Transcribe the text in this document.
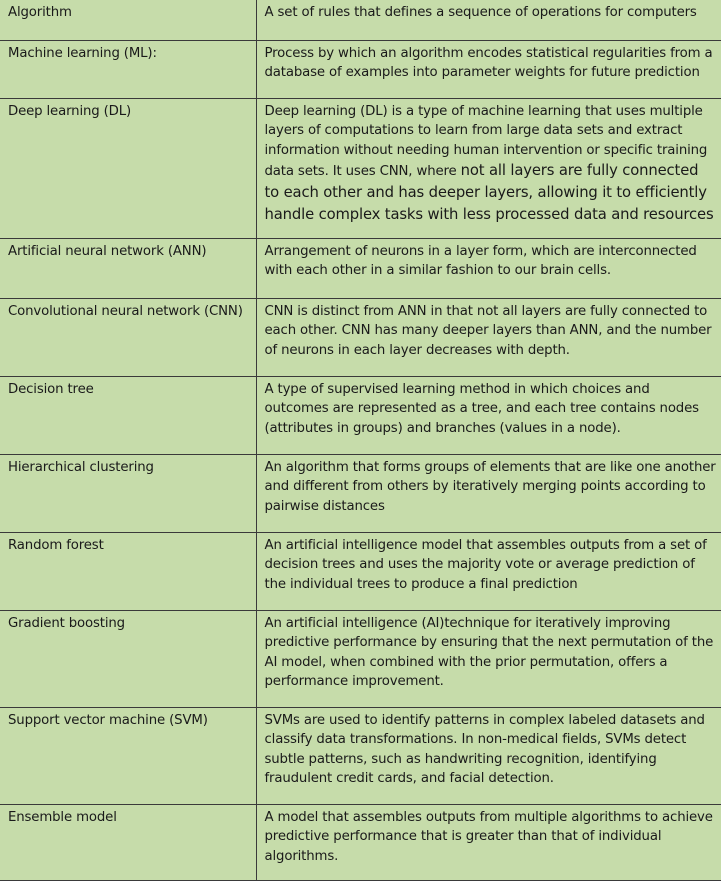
Algorithm	A set of rules that defines a sequence of operations for computers
Machine learning (ML):	Process by which an algorithm encodes statistical regularities from a database of examples into parameter weights for future prediction
Deep learning (DL)	Deep learning (DL) is a type of machine learning that uses multiple layers of computations to learn from large data sets and extract information without needing human intervention or specific training data sets. It uses CNN, where not all layers are fully connected to each other and has deeper layers, allowing it to efficiently handle complex tasks with less processed data and resources
Artificial neural network (ANN)	Arrangement of neurons in a layer form, which are interconnected with each other in a similar fashion to our brain cells.
Convolutional neural network (CNN)	CNN is distinct from ANN in that not all layers are fully connected to each other. CNN has many deeper layers than ANN, and the number of neurons in each layer decreases with depth.
Decision tree	A type of supervised learning method in which choices and outcomes are represented as a tree, and each tree contains nodes (attributes in groups) and branches (values in a node).
Hierarchical clustering	An algorithm that forms groups of elements that are like one another and different from others by iteratively merging points according to pairwise distances
Random forest	An artificial intelligence model that assembles outputs from a set of decision trees and uses the majority vote or average prediction of the individual trees to produce a final prediction
Gradient boosting	An artificial intelligence (AI)technique for iteratively improving predictive performance by ensuring that the next permutation of the AI model, when combined with the prior permutation, offers a performance improvement.
Support vector machine (SVM)	SVMs are used to identify patterns in complex labeled datasets and classify data transformations. In non-medical fields, SVMs detect subtle patterns, such as handwriting recognition, identifying fraudulent credit cards, and facial detection.
Ensemble model	A model that assembles outputs from multiple algorithms to achieve predictive performance that is greater than that of individual algorithms.
